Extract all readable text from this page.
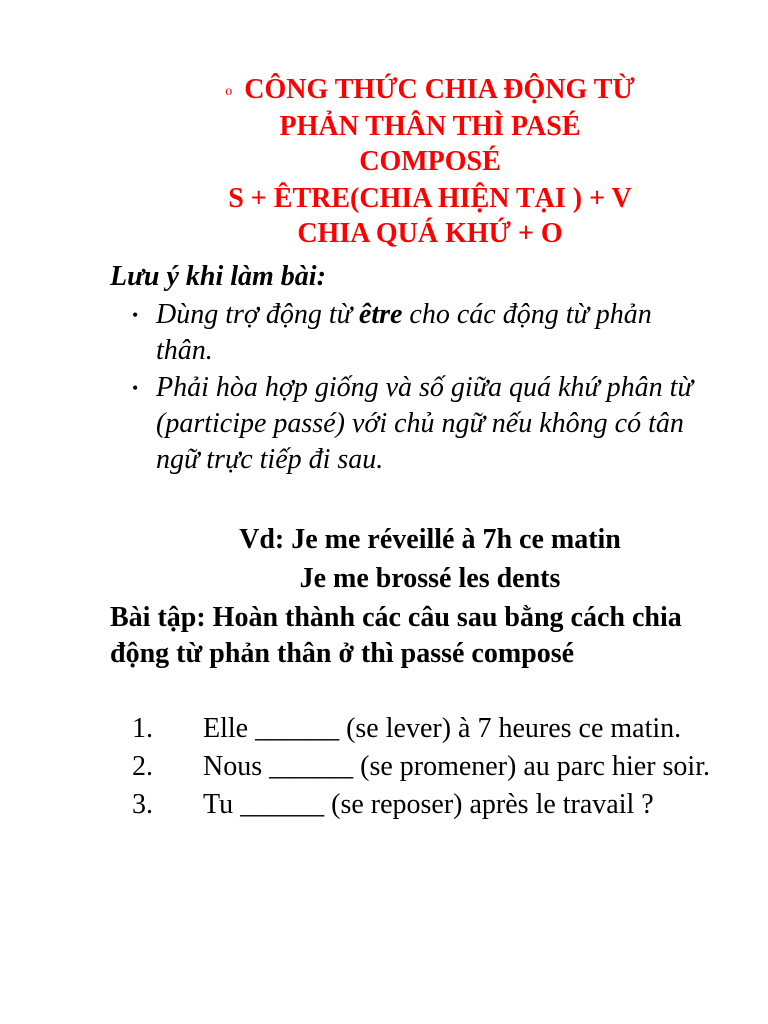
o CÔNG THỨC CHIA ĐỘNG TỪ
PHẢN THÂN THÌ PASÉ
COMPOSÉ
S + ÊTRE(CHIA HIỆN TẠI ) + V
CHIA QUÁ KHỨ + O
Lưu ý khi làm bài:
• Dùng trợ động từ être cho các động từ phản thân.
• Phải hòa hợp giống và số giữa quá khứ phân từ (participe passé) với chủ ngữ nếu không có tân ngữ trực tiếp đi sau.
Vd: Je me réveillé à 7h ce matin
Je me brossé les dents
Bài tập: Hoàn thành các câu sau bằng cách chia động từ phản thân ở thì passé composé
1. Elle ______ (se lever) à 7 heures ce matin.
2. Nous ______ (se promener) au parc hier soir.
3. Tu ______ (se reposer) après le travail ?
